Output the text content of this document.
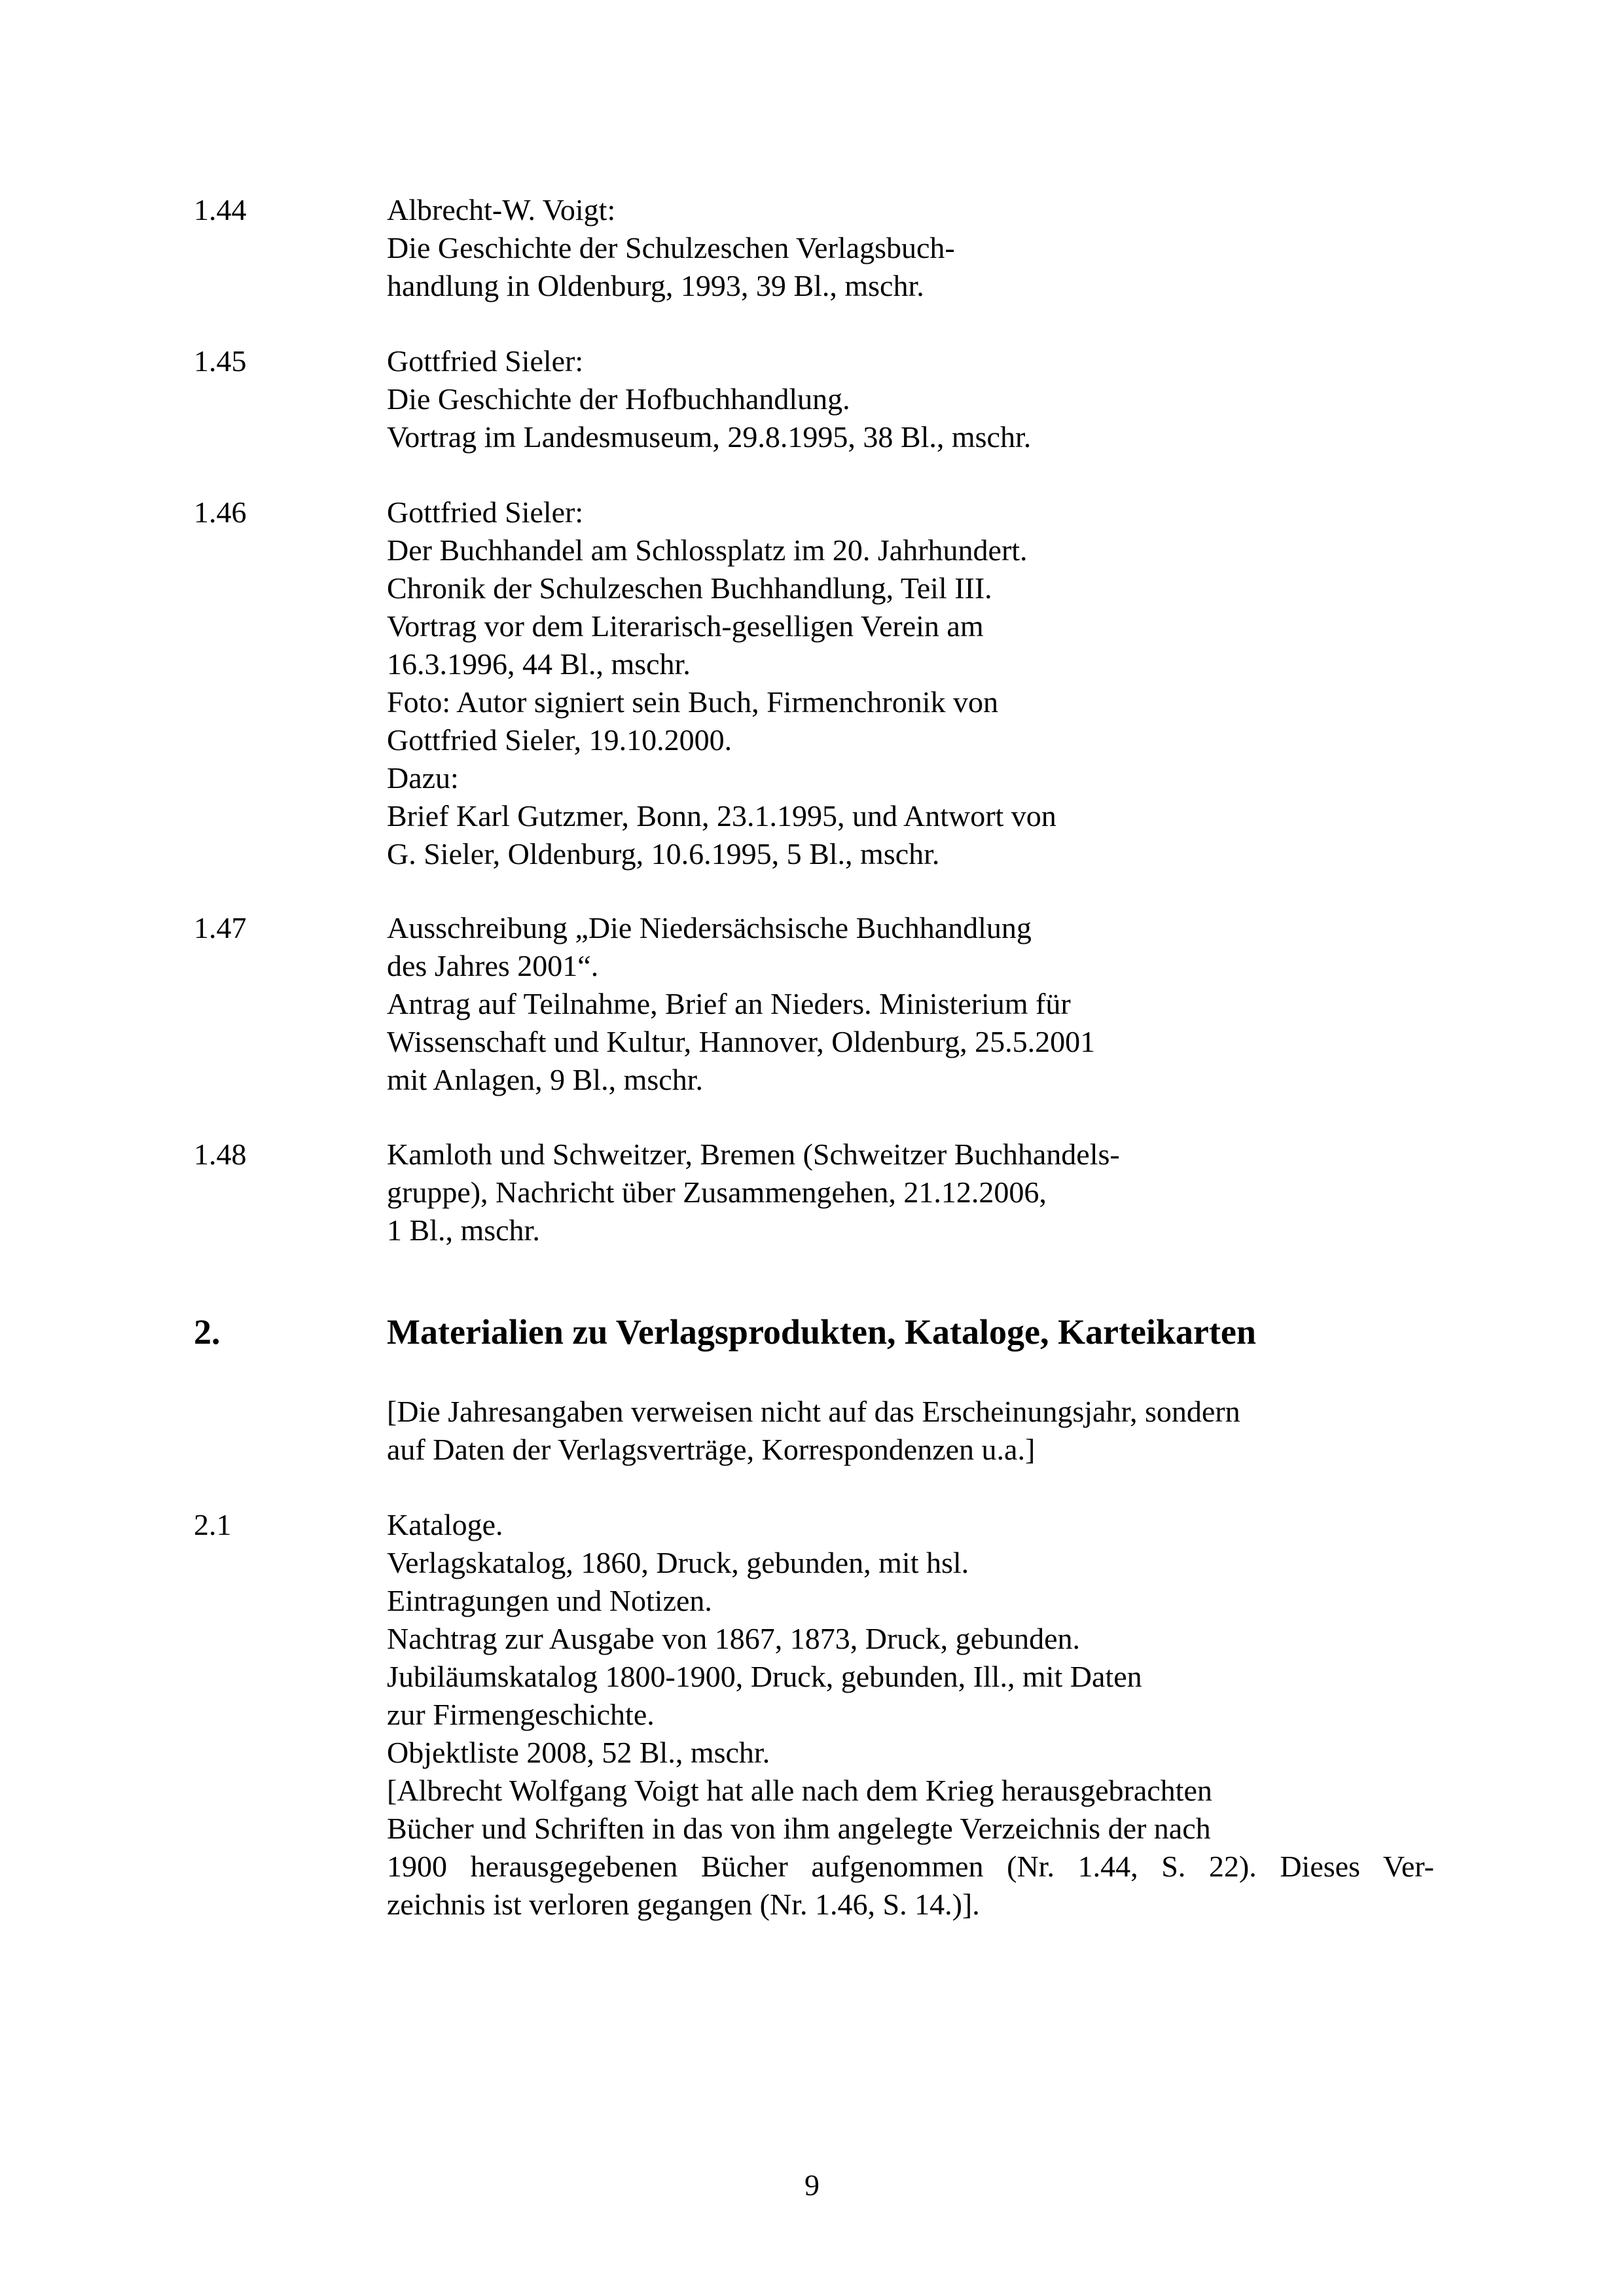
1.44	Albrecht-W. Voigt:
Die Geschichte der Schulzeschen Verlagsbuch-
handlung in Oldenburg, 1993, 39 Bl., mschr.
1.45	Gottfried Sieler:
Die Geschichte der Hofbuchhandlung.
Vortrag im Landesmuseum, 29.8.1995, 38 Bl., mschr.
1.46	Gottfried Sieler:
Der Buchhandel am Schlossplatz im 20. Jahrhundert.
Chronik der Schulzeschen Buchhandlung, Teil III.
Vortrag vor dem Literarisch-geselligen Verein am
16.3.1996, 44 Bl., mschr.
Foto: Autor signiert sein Buch, Firmenchronik von
Gottfried Sieler, 19.10.2000.
Dazu:
Brief Karl Gutzmer, Bonn, 23.1.1995, und Antwort von
G. Sieler, Oldenburg, 10.6.1995, 5 Bl., mschr.
1.47	Ausschreibung „Die Niedersächsische Buchhandlung
des Jahres 2001“.
Antrag auf Teilnahme, Brief an Nieders. Ministerium für
Wissenschaft und Kultur, Hannover, Oldenburg, 25.5.2001
mit Anlagen, 9 Bl., mschr.
1.48	Kamloth und Schweitzer, Bremen (Schweitzer Buchhandels-
gruppe), Nachricht über Zusammengehen, 21.12.2006,
1 Bl., mschr.
2.	Materialien zu Verlagsprodukten, Kataloge, Karteikarten
[Die Jahresangaben verweisen nicht auf das Erscheinungsjahr, sondern
auf Daten der Verlagsverträge, Korrespondenzen u.a.]
2.1	Kataloge.
Verlagskatalog, 1860, Druck, gebunden, mit hsl.
Eintragungen und Notizen.
Nachtrag zur Ausgabe von 1867, 1873, Druck, gebunden.
Jubiläumskatalog 1800-1900, Druck, gebunden, Ill., mit Daten
zur Firmengeschichte.
Objektliste 2008, 52 Bl., mschr.
[Albrecht Wolfgang Voigt hat alle nach dem Krieg herausgebrachten
Bücher und Schriften in das von ihm angelegte Verzeichnis der nach
1900 herausgegebenen Bücher aufgenommen (Nr. 1.44, S. 22). Dieses Ver-
zeichnis ist verloren gegangen (Nr. 1.46, S. 14.)].
9
